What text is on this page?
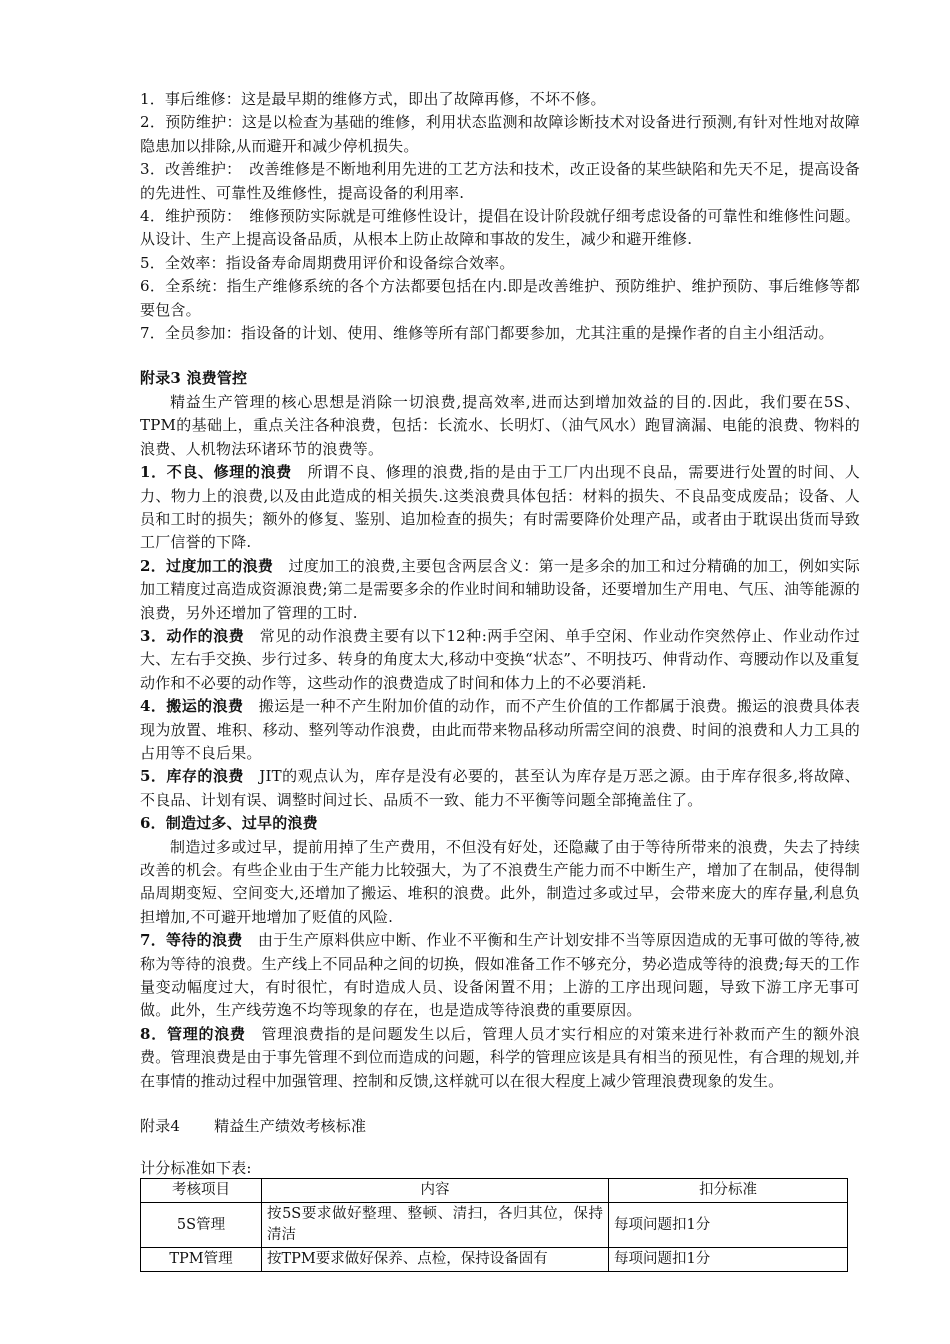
1．事后维修：这是最早期的维修方式，即出了故障再修，不坏不修。

2．预防维护：这是以检查为基础的维修，利用状态监测和故障诊断技术对设备进行预测,有针对性地对故障隐患加以排除,从而避开和减少停机损失。

3．改善维护：　改善维修是不断地利用先进的工艺方法和技术，改正设备的某些缺陷和先天不足，提高设备的先进性、可靠性及维修性，提高设备的利用率.

4．维护预防：　维修预防实际就是可维修性设计，提倡在设计阶段就仔细考虑设备的可靠性和维修性问题。 从设计、生产上提高设备品质，从根本上防止故障和事故的发生，减少和避开维修.

5．全效率：指设备寿命周期费用评价和设备综合效率。

6．全系统：指生产维修系统的各个方法都要包括在内.即是改善维护、预防维护、维护预防、事后维修等都要包含。

7．全员参加：指设备的计划、使用、维修等所有部门都要参加，尤其注重的是操作者的自主小组活动。

附录3 浪费管控

精益生产管理的核心思想是消除一切浪费,提高效率,进而达到增加效益的目的.因此，我们要在5S、TPM的基础上，重点关注各种浪费，包括：长流水、长明灯、（油气风水）跑冒滴漏、电能的浪费、物料的浪费、人机物法环诸环节的浪费等。

1．不良、修理的浪费　所谓不良、修理的浪费,指的是由于工厂内出现不良品，需要进行处置的时间、人力、物力上的浪费,以及由此造成的相关损失.这类浪费具体包括：材料的损失、不良品变成废品；设备、人员和工时的损失；额外的修复、鉴别、追加检查的损失；有时需要降价处理产品，或者由于耽误出货而导致工厂信誉的下降.

2．过度加工的浪费　过度加工的浪费,主要包含两层含义：第一是多余的加工和过分精确的加工，例如实际加工精度过高造成资源浪费;第二是需要多余的作业时间和辅助设备，还要增加生产用电、气压、油等能源的浪费，另外还增加了管理的工时.

3．动作的浪费　常见的动作浪费主要有以下12种:两手空闲、单手空闲、作业动作突然停止、作业动作过大、左右手交换、步行过多、转身的角度太大,移动中变换“状态”、不明技巧、伸背动作、弯腰动作以及重复动作和不必要的动作等，这些动作的浪费造成了时间和体力上的不必要消耗.

4．搬运的浪费　搬运是一种不产生附加价值的动作，而不产生价值的工作都属于浪费。搬运的浪费具体表现为放置、堆积、移动、整列等动作浪费，由此而带来物品移动所需空间的浪费、时间的浪费和人力工具的占用等不良后果。

5．库存的浪费　JIT的观点认为，库存是没有必要的，甚至认为库存是万恶之源。由于库存很多,将故障、不良品、计划有误、调整时间过长、品质不一致、能力不平衡等问题全部掩盖住了。

6．制造过多、过早的浪费

制造过多或过早，提前用掉了生产费用，不但没有好处，还隐藏了由于等待所带来的浪费，失去了持续改善的机会。有些企业由于生产能力比较强大，为了不浪费生产能力而不中断生产，增加了在制品，使得制品周期变短、空间变大,还增加了搬运、堆积的浪费。此外，制造过多或过早，会带来庞大的库存量,利息负担增加,不可避开地增加了贬值的风险.

7．等待的浪费　由于生产原料供应中断、作业不平衡和生产计划安排不当等原因造成的无事可做的等待,被称为等待的浪费。生产线上不同品种之间的切换，假如准备工作不够充分，势必造成等待的浪费;每天的工作量变动幅度过大，有时很忙，有时造成人员、设备闲置不用；上游的工序出现问题，导致下游工序无事可做。此外，生产线劳逸不均等现象的存在，也是造成等待浪费的重要原因。

8．管理的浪费　管理浪费指的是问题发生以后，管理人员才实行相应的对策来进行补救而产生的额外浪费。管理浪费是由于事先管理不到位而造成的问题，科学的管理应该是具有相当的预见性，有合理的规划,并在事情的推动过程中加强管理、控制和反馈,这样就可以在很大程度上减少管理浪费现象的发生。

附录4 精益生产绩效考核标准

计分标准如下表:

考核项目	内容	扣分标准
5S管理	按5S要求做好整理、整顿、清扫，各归其位，保持清洁	每项问题扣1分
TPM管理	按TPM要求做好保养、点检，保持设备固有	每项问题扣1分
